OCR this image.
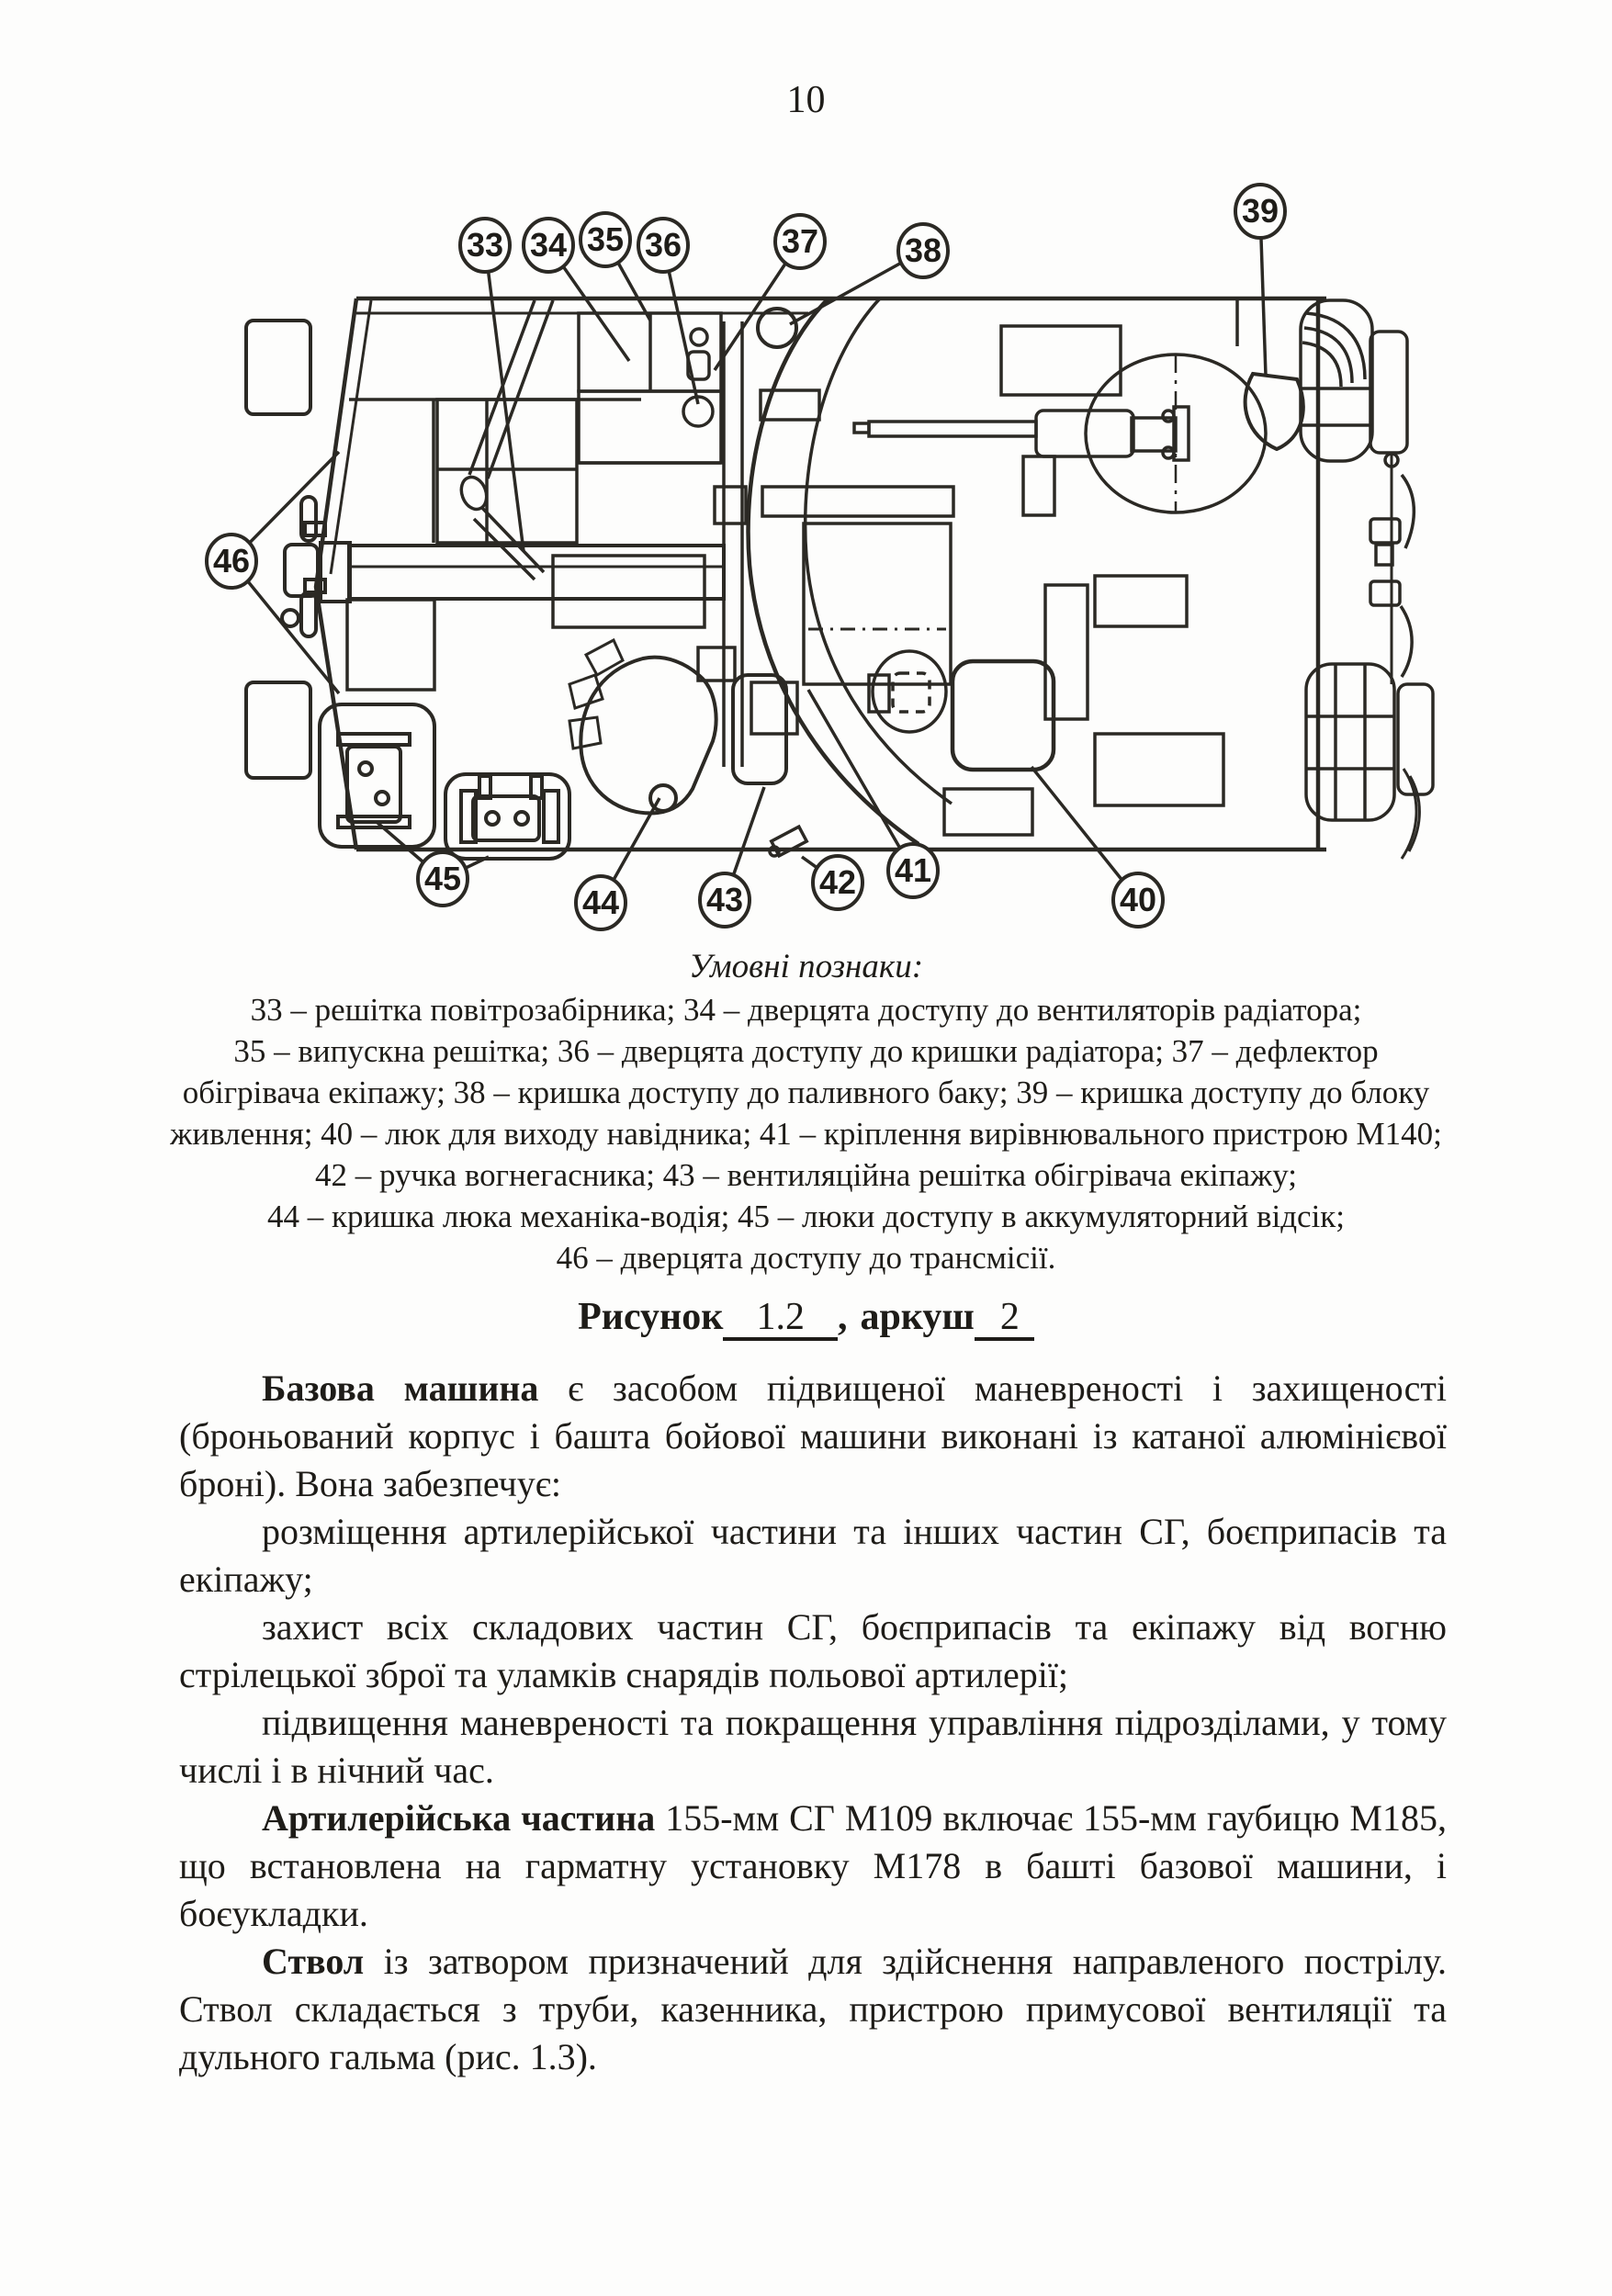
10
33 34 35 36	37	38
39
40
41
42
43
44
45
46
Умовні познаки:
33 – решітка повітрозабірника; 34 – дверцята доступу до вентиляторів радіатора;
35 – випускна решітка; 36 – дверцята доступу до кришки радіатора; 37 – дефлектор
обігрівача екіпажу; 38 – кришка доступу до паливного баку; 39 – кришка доступу до блоку
живлення; 40 – люк для виходу навідника; 41 – кріплення вирівнювального пристрою М140;
42 – ручка вогнегасника; 43 – вентиляційна решітка обігрівача екіпажу;
44 – кришка люка механіка-водія; 45 – люки доступу в аккумуляторний відсік;
46 – дверцята доступу до трансмісії.
Рисунок 1.2 , аркуш 2

Базова машина є засобом підвищеної маневреності і захищеності (броньований корпус і башта бойової машини виконані із катаної алюмінієвої броні). Вона забезпечує:

розміщення артилерійської частини та інших частин СГ, боєприпасів та екіпажу;

захист всіх складових частин СГ, боєприпасів та екіпажу від вогню стрілецької зброї та уламків снарядів польової артилерії;

підвищення маневреності та покращення управління підрозділами, у тому числі і в нічний час.

Артилерійська частина 155-мм СГ М109 включає 155-мм гаубицю М185, що встановлена на гарматну установку М178 в башті базової машини, і боєукладки.

Ствол із затвором призначений для здійснення направленого пострілу. Ствол складається з труби, казенника, пристрою примусової вентиляції та дульного гальма (рис. 1.3).
